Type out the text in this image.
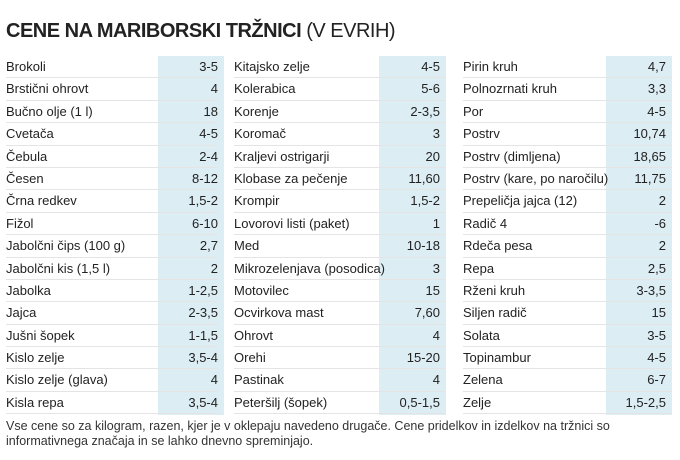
CENE NA MARIBORSKI TRŽNICI (V EVRIH)
Brokoli	3-5
Brstični ohrovt	4
Bučno olje (1 l)	18
Cvetača	4-5
Čebula	2-4
Česen	8-12
Črna redkev	1,5-2
Fižol	6-10
Jabolčni čips (100 g)	2,7
Jabolčni kis (1,5 l)	2
Jabolka	1-2,5
Jajca	2-3,5
Jušni šopek	1-1,5
Kislo zelje	3,5-4
Kislo zelje (glava)	4
Kisla repa	3,5-4
Kitajsko zelje	4-5
Kolerabica	5-6
Korenje	2-3,5
Koromač	3
Kraljevi ostrigarji	20
Klobase za pečenje	11,60
Krompir	1,5-2
Lovorovi listi (paket)	1
Med	10-18
Mikrozelenjava (posodica)	3
Motovilec	15
Ocvirkova mast	7,60
Ohrovt	4
Orehi	15-20
Pastinak	4
Peteršilj (šopek)	0,5-1,5
Pirin kruh	4,7
Polnozrnati kruh	3,3
Por	4-5
Postrv	10,74
Postrv (dimljena)	18,65
Postrv (kare, po naročilu) 11,75
Prepeličja jajca (12)	2
Radič 4	-6
Rdeča pesa	2
Repa	2,5
Rženi kruh	3-3,5
Siljen radič	15
Solata	3-5
Topinambur	4-5
Zelena	6-7
Zelje	1,5-2,5
Vse cene so za kilogram, razen, kjer je v oklepaju navedeno drugače. Cene pridelkov in izdelkov na tržnici so informativnega značaja in se lahko dnevno spreminjajo.
